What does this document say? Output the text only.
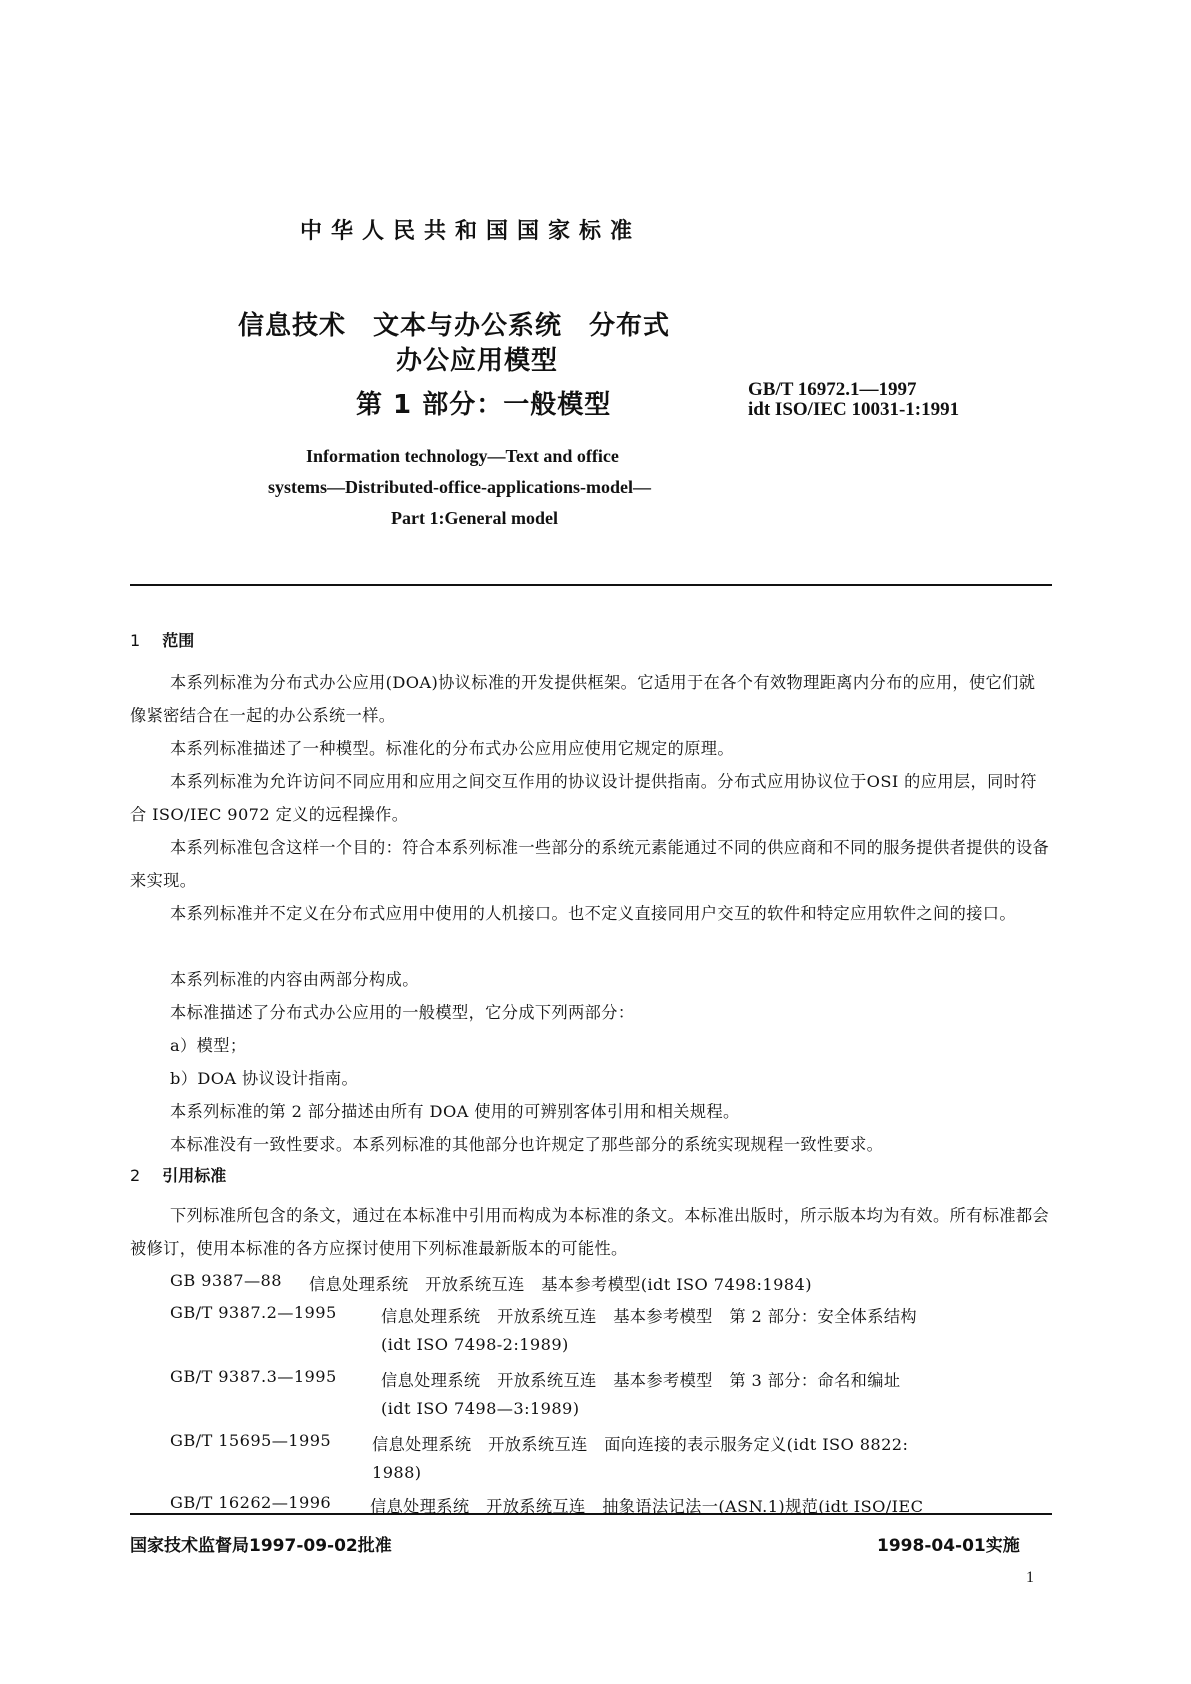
中华人民共和国国家标准
信息技术　文本与办公系统　分布式
办公应用模型
第 1 部分：一般模型
GB/T 16972.1—1997
idt ISO/IEC 10031-1:1991
Information technology—Text and office
systems—Distributed-office-applications-model—
Part 1:General model
1 范围
本系列标准为分布式办公应用(DOA)协议标准的开发提供框架。它适用于在各个有效物理距离内分布的应用，使它们就像紧密结合在一起的办公系统一样。
本系列标准描述了一种模型。标准化的分布式办公应用应使用它规定的原理。
本系列标准为允许访问不同应用和应用之间交互作用的协议设计提供指南。分布式应用协议位于OSI 的应用层，同时符合 ISO/IEC 9072 定义的远程操作。
本系列标准包含这样一个目的：符合本系列标准一些部分的系统元素能通过不同的供应商和不同的服务提供者提供的设备来实现。
本系列标准并不定义在分布式应用中使用的人机接口。也不定义直接同用户交互的软件和特定应用软件之间的接口。
本系列标准的内容由两部分构成。
本标准描述了分布式办公应用的一般模型，它分成下列两部分：
a）模型；
b）DOA 协议设计指南。
本系列标准的第 2 部分描述由所有 DOA 使用的可辨别客体引用和相关规程。
本标准没有一致性要求。本系列标准的其他部分也许规定了那些部分的系统实现规程一致性要求。
2 引用标准
下列标准所包含的条文，通过在本标准中引用而构成为本标准的条文。本标准出版时，所示版本均为有效。所有标准都会被修订，使用本标准的各方应探讨使用下列标准最新版本的可能性。
GB 9387—88 信息处理系统　开放系统互连　基本参考模型(idt ISO 7498:1984)
GB/T 9387.2—1995	信息处理系统　开放系统互连　基本参考模型　第 2 部分：安全体系结构
(idt ISO 7498-2:1989)
GB/T 9387.3—1995	信息处理系统　开放系统互连　基本参考模型　第 3 部分：命名和编址
(idt ISO 7498—3:1989)
GB/T 15695—1995	信息处理系统　开放系统互连　面向连接的表示服务定义(idt ISO 8822:
1988)
GB/T 16262—1996 信息处理系统　开放系统互连　抽象语法记法一(ASN.1)规范(idt ISO/IEC
国家技术监督局1997-09-02批准	1998-04-01实施
1
